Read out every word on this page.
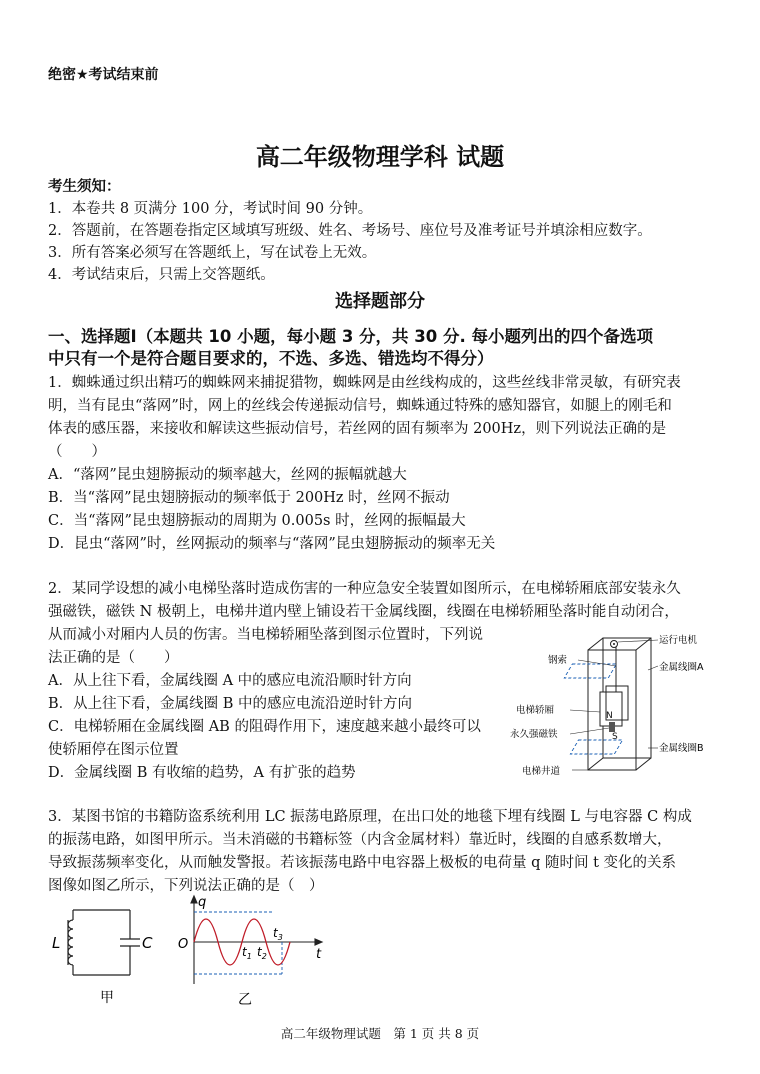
绝密★考试结束前
高二年级物理学科 试题
考生须知：
1．本卷共 8 页满分 100 分，考试时间 90 分钟。
2．答题前，在答题卷指定区域填写班级、姓名、考场号、座位号及准考证号并填涂相应数字。
3．所有答案必须写在答题纸上，写在试卷上无效。
4．考试结束后，只需上交答题纸。
选择题部分
一、选择题Ⅰ（本题共 10 小题，每小题 3 分，共 30 分. 每小题列出的四个备选项
中只有一个是符合题目要求的，不选、多选、错选均不得分）
1．蜘蛛通过织出精巧的蜘蛛网来捕捉猎物，蜘蛛网是由丝线构成的，这些丝线非常灵敏，有研究表
明，当有昆虫“落网”时，网上的丝线会传递振动信号，蜘蛛通过特殊的感知器官，如腿上的刚毛和
体表的感压器，来接收和解读这些振动信号，若丝网的固有频率为 200Hz，则下列说法正确的是
（　　）
A．“落网”昆虫翅膀振动的频率越大，丝网的振幅就越大
B．当“落网”昆虫翅膀振动的频率低于 200Hz 时，丝网不振动
C．当“落网”昆虫翅膀振动的周期为 0.005s 时，丝网的振幅最大
D．昆虫“落网”时，丝网振动的频率与“落网”昆虫翅膀振动的频率无关
2．某同学设想的减小电梯坠落时造成伤害的一种应急安全装置如图所示，在电梯轿厢底部安装永久
强磁铁，磁铁 N 极朝上，电梯井道内壁上铺设若干金属线圈，线圈在电梯轿厢坠落时能自动闭合，
从而减小对厢内人员的伤害。当电梯轿厢坠落到图示位置时，下列说
法正确的是（　　）
A．从上往下看，金属线圈 A 中的感应电流沿顺时针方向
B．从上往下看，金属线圈 B 中的感应电流沿逆时针方向
C．电梯轿厢在金属线圈 AB 的阻碍作用下，速度越来越小最终可以
使轿厢停在图示位置
D．金属线圈 B 有收缩的趋势，A 有扩张的趋势
N
S
运行电机
钢索
金属线圈A
电梯轿厢
永久强磁铁
金属线圈B
电梯井道
3．某图书馆的书籍防盗系统利用 LC 振荡电路原理，在出口处的地毯下埋有线圈 L 与电容器 C 构成
的振荡电路，如图甲所示。当未消磁的书籍标签（内含金属材料）靠近时，线圈的自感系数增大，
导致振荡频率变化，从而触发警报。若该振荡电路中电容器上极板的电荷量 q 随时间 t 变化的关系
图像如图乙所示，下列说法正确的是（　）
L	C
甲
q
O
t
$t_1$ $t_2$
$t_3$
乙
高二年级物理试题　第 1 页 共 8 页
